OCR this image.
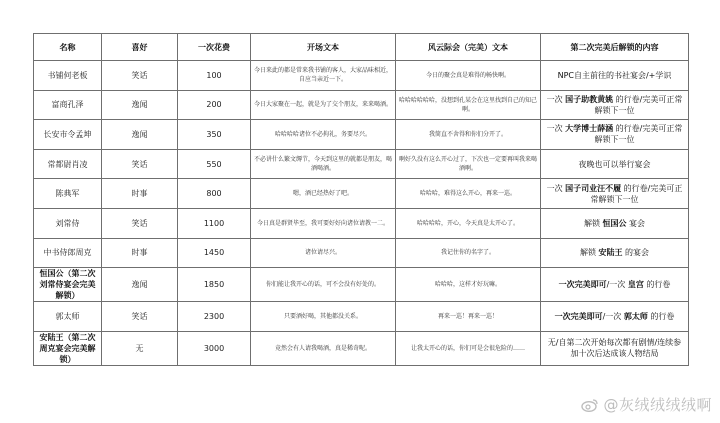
名称	喜好	一次花费	开场文本	风云际会（完美）文本	第二次完美后解锁的内容
书铺何老板	笑话	100	今日来此的都是常来我书铺的客人，大家品味相近，自应当亲近一下。	今日的聚会真是难得的畅快啊。	NPC自主前往的书社宴会/+学识
富商孔泽	逸闻	200	今日大家聚在一起，就是为了交个朋友，来来喝酒。	哈哈哈哈哈哈，没想到孔某会在这里找到自己的知己啊。	一次 国子助教黄姚 的行卷/完美可正常解锁下一位
长安市令孟坤	逸闻	350	哈哈哈哈诸位不必拘礼，务要尽兴。	我简直不舍得和你们分开了。	一次 大学博士薛涵 的行卷/完美可正常解锁下一位
常都尉肖凌	笑话	550	不必讲什么繁文缛节，今天到这里的就都是朋友，喝酒喝酒。	啊好久没有这么开心过了，下次也一定要再叫我来喝酒啊。	夜晚也可以举行宴会
陈典军	时事	800	嗯，酒已经热好了吧。	哈哈哈，难得这么开心，再来一巡。	一次 国子司业汪不履 的行卷/完美可正常解锁下一位
刘常侍	笑话	1100	今日真是群贤毕至，我可要好好向诸位请教一二。	哈哈哈哈，开心，今天真是太开心了。	解锁 恒国公 宴会
中书侍郎周克	时事	1450	诸位请尽兴。	我记住你的名字了。	解锁 安陆王 的宴会
恒国公（第二次刘常侍宴会完美解锁）	逸闻	1850	你们能让我开心的话，可不会没有好处的。	哈哈哈，这样才好玩嘛。	一次完美即可/一次 皇宫 的行卷
郭太师	笑话	2300	只要酒好喝，其他都没关系。	再来一巡！再来一巡！	一次完美即可/一次 郭太师 的行卷
安陆王（第二次周克宴会完美解锁）	无	3000	竟然会有人请我喝酒，真是稀奇呢。	让我太开心的话，你们可是会很危险的……	无/自第二次开始每次都有剧情/连续参加十次后达成该人物结局
@灰绒绒绒绒啊
